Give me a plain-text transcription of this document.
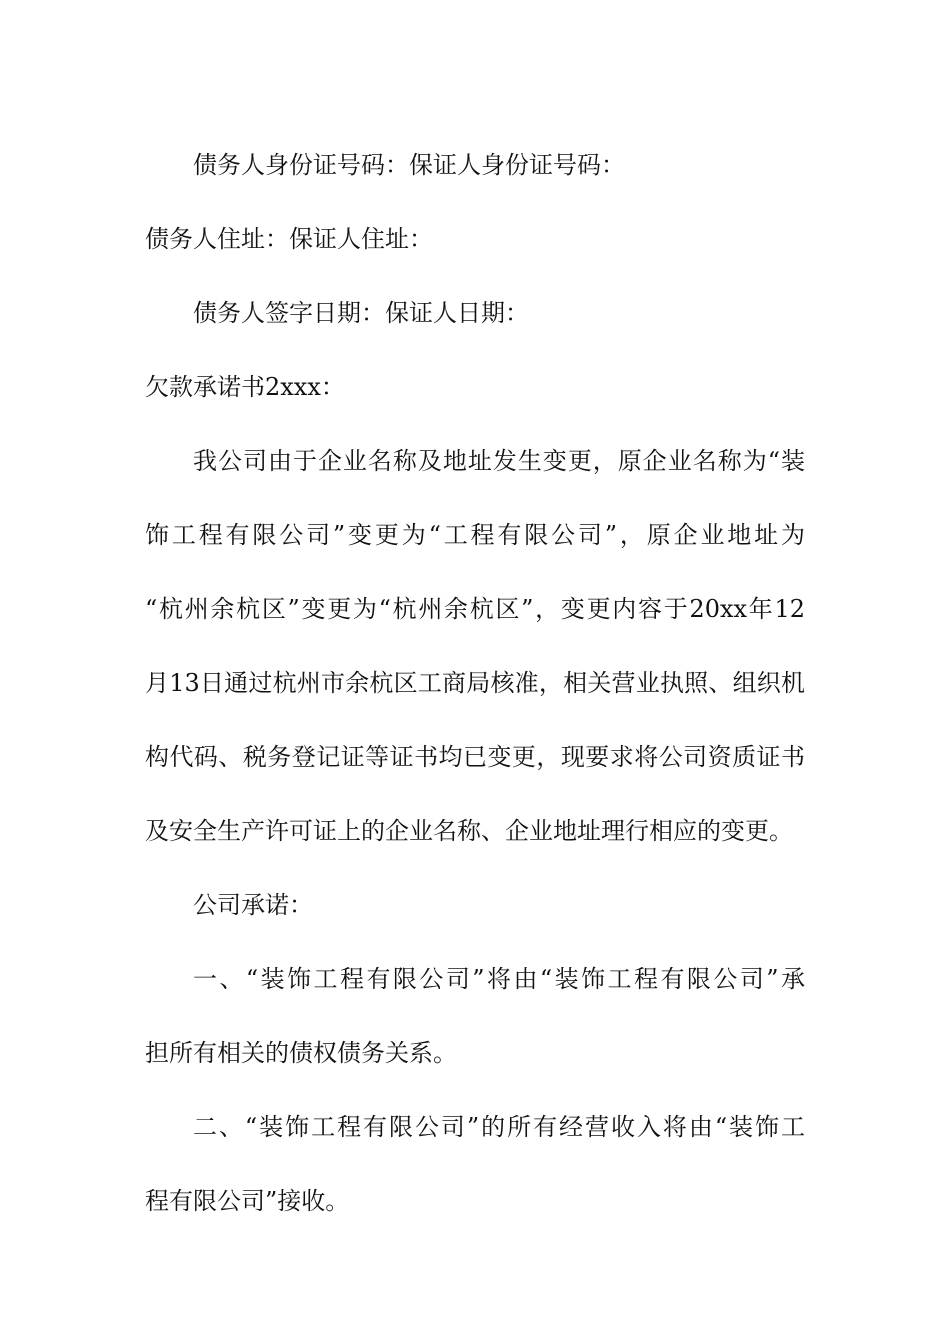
债务人身份证号码：保证人身份证号码：
债务人住址：保证人住址：
债务人签字日期：保证人日期：
欠款承诺书2xxx：
我公司由于企业名称及地址发生变更，原企业名称为“装
饰工程有限公司”变更为“工程有限公司”，原企业地址为
“杭州余杭区”变更为“杭州余杭区”，变更内容于20xx年12
月13日通过杭州市余杭区工商局核准，相关营业执照、组织机
构代码、税务登记证等证书均已变更，现要求将公司资质证书
及安全生产许可证上的企业名称、企业地址理行相应的变更。
公司承诺：
一、“装饰工程有限公司”将由“装饰工程有限公司”承
担所有相关的债权债务关系。
二、“装饰工程有限公司”的所有经营收入将由“装饰工
程有限公司”接收。
